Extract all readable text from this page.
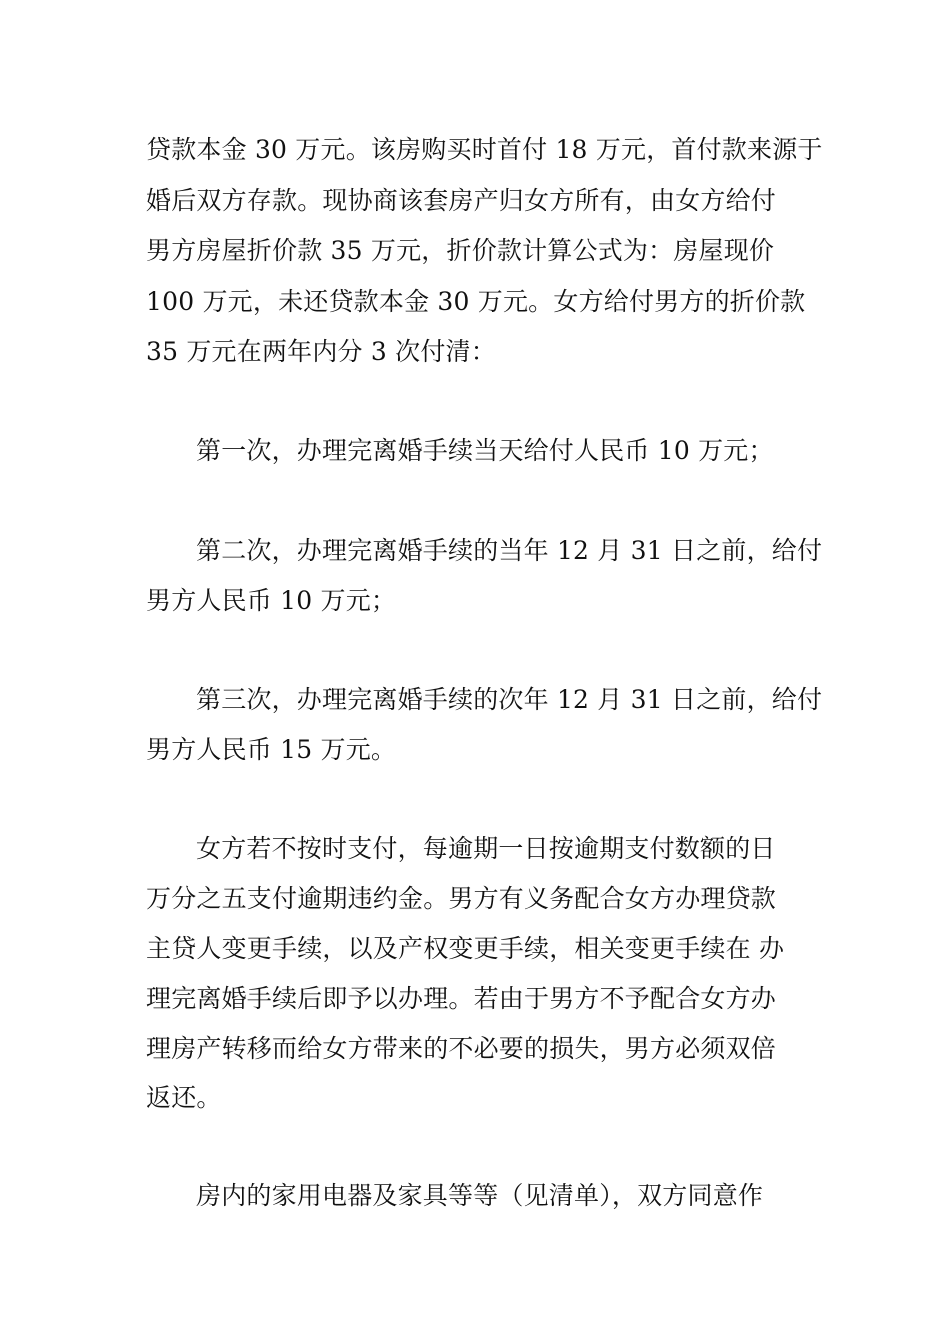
贷款本金 30 万元。该房购买时首付 18 万元，首付款来源于
婚后双方存款。现协商该套房产归女方所有，由女方给付
男方房屋折价款 35 万元，折价款计算公式为：房屋现价
100 万元，未还贷款本金 30 万元。女方给付男方的折价款
35 万元在两年内分 3 次付清：
第一次，办理完离婚手续当天给付人民币 10 万元；
第二次，办理完离婚手续的当年 12 月 31 日之前，给付
男方人民币 10 万元；
第三次，办理完离婚手续的次年 12 月 31 日之前，给付
男方人民币 15 万元。
女方若不按时支付，每逾期一日按逾期支付数额的日
万分之五支付逾期违约金。男方有义务配合女方办理贷款
主贷人变更手续，以及产权变更手续，相关变更手续在 办
理完离婚手续后即予以办理。若由于男方不予配合女方办
理房产转移而给女方带来的不必要的损失，男方必须双倍
返还。
房内的家用电器及家具等等（见清单），双方同意作
